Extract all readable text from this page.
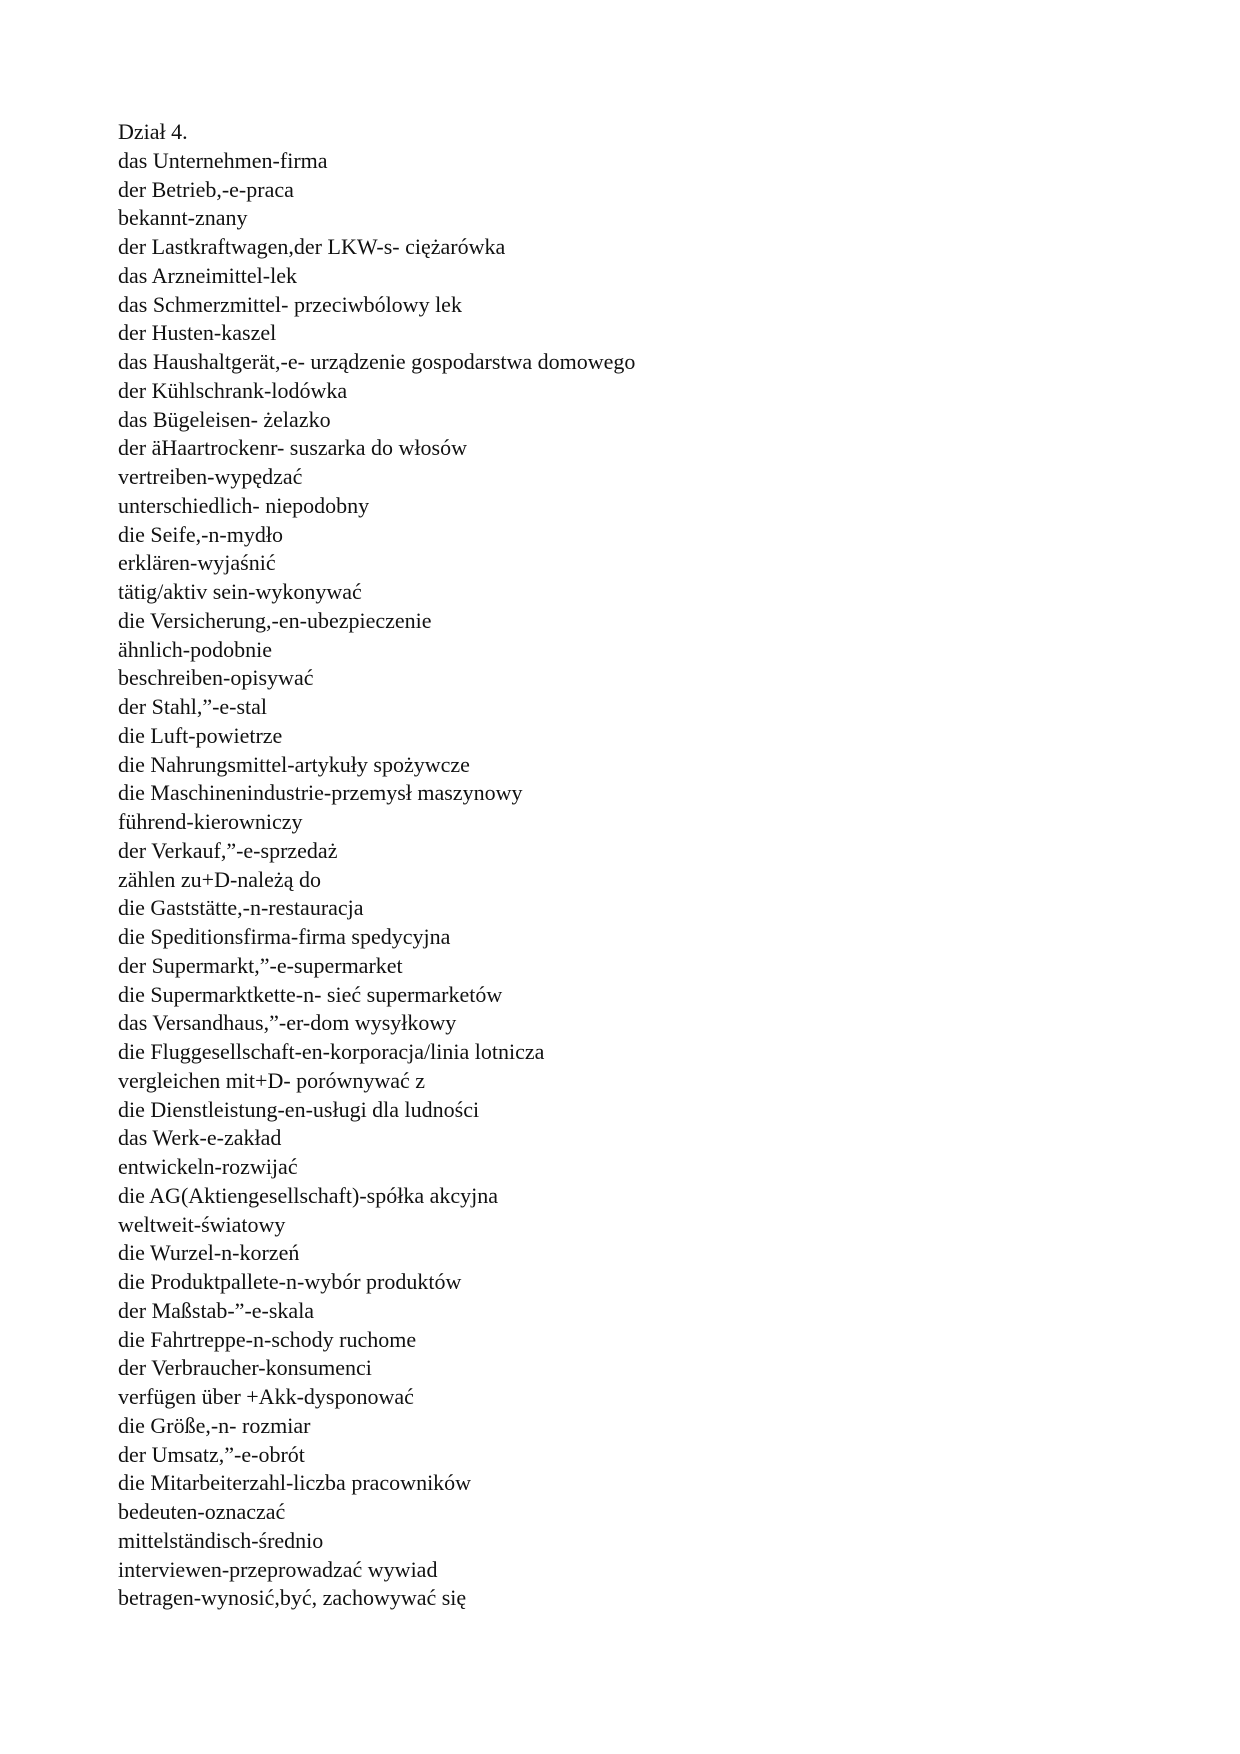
Dział 4.
das Unternehmen-firma
der Betrieb,-e-praca
bekannt-znany
der Lastkraftwagen,der LKW-s- ciężarówka
das Arzneimittel-lek
das Schmerzmittel- przeciwbólowy lek
der Husten-kaszel
das Haushaltgerät,-e- urządzenie gospodarstwa domowego
der Kühlschrank-lodówka
das Bügeleisen- żelazko
der äHaartrockenr- suszarka do włosów
vertreiben-wypędzać
unterschiedlich- niepodobny
die Seife,-n-mydło
erklären-wyjaśnić
tätig/aktiv sein-wykonywać
die Versicherung,-en-ubezpieczenie
ähnlich-podobnie
beschreiben-opisywać
der Stahl,”-e-stal
die Luft-powietrze
die Nahrungsmittel-artykuły spożywcze
die Maschinenindustrie-przemysł maszynowy
führend-kierowniczy
der Verkauf,”-e-sprzedaż
zählen zu+D-należą do
die Gaststätte,-n-restauracja
die Speditionsfirma-firma spedycyjna
der Supermarkt,”-e-supermarket
die Supermarktkette-n- sieć supermarketów
das Versandhaus,”-er-dom wysyłkowy
die Fluggesellschaft-en-korporacja/linia lotnicza
vergleichen mit+D- porównywać z
die Dienstleistung-en-usługi dla ludności
das Werk-e-zakład
entwickeln-rozwijać
die AG(Aktiengesellschaft)-spółka akcyjna
weltweit-światowy
die Wurzel-n-korzeń
die Produktpallete-n-wybór produktów
der Maßstab-”-e-skala
die Fahrtreppe-n-schody ruchome
der Verbraucher-konsumenci
verfügen über +Akk-dysponować
die Größe,-n- rozmiar
der Umsatz,”-e-obrót
die Mitarbeiterzahl-liczba pracowników
bedeuten-oznaczać
mittelständisch-średnio
interviewen-przeprowadzać wywiad
betragen-wynosić,być, zachowywać się
